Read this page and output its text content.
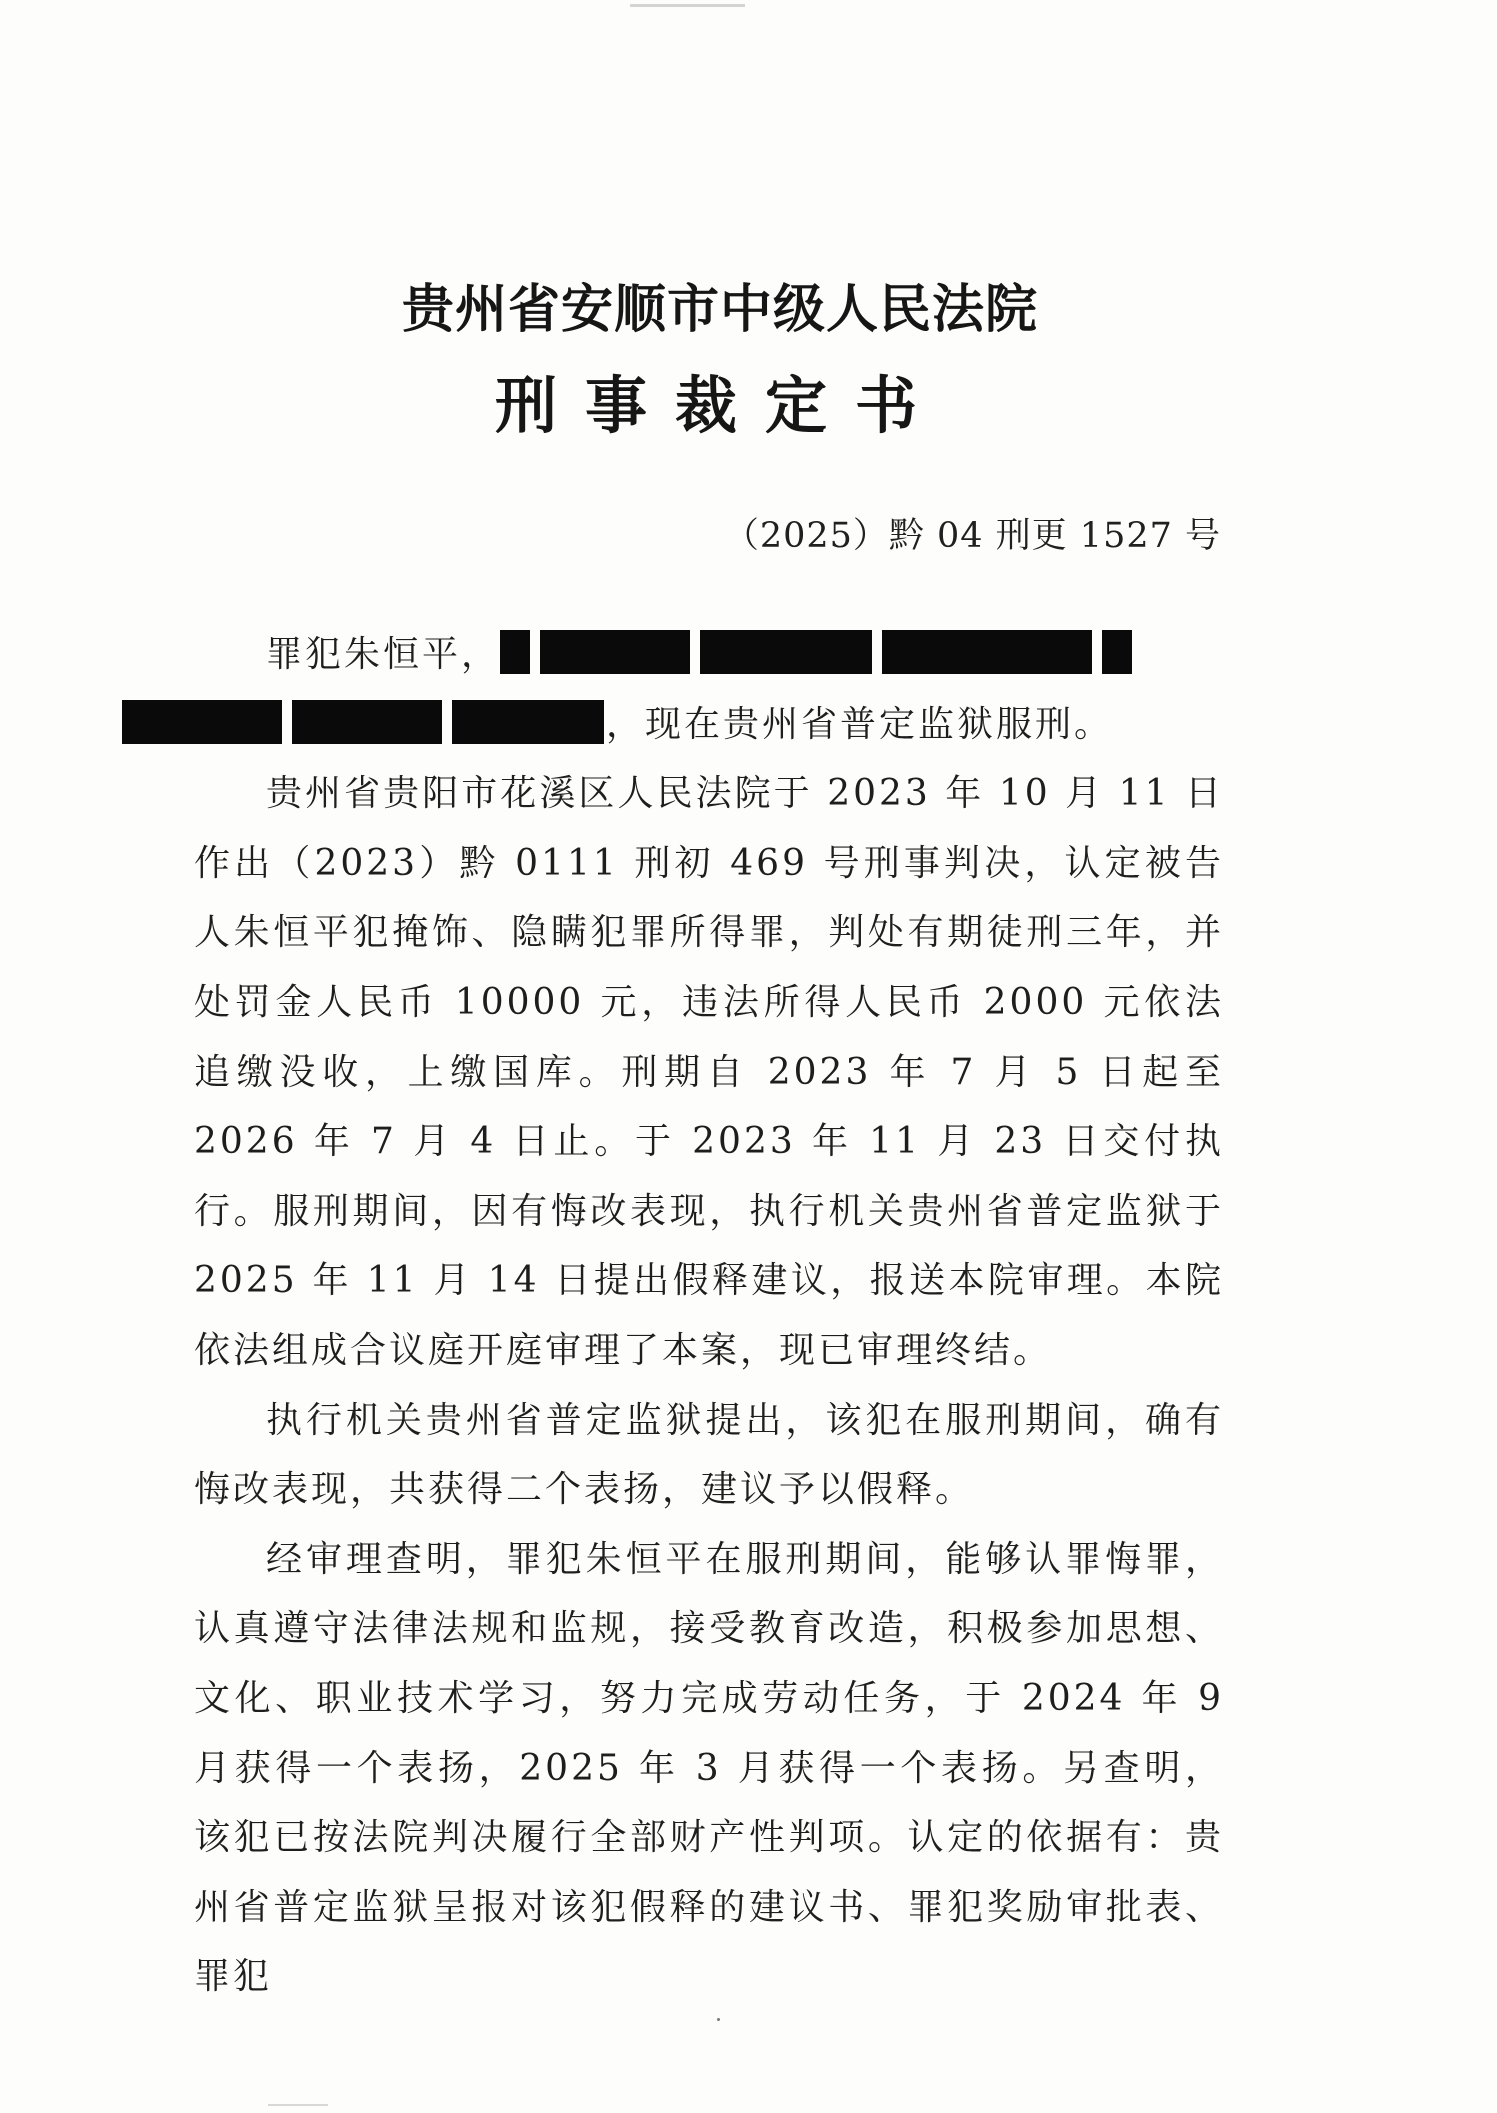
贵州省安顺市中级人民法院
刑事裁定书
（2025）黔 04 刑更 1527 号

罪犯朱恒平，
，现在贵州省普定监狱服刑。

贵州省贵阳市花溪区人民法院于 2023 年 10 月 11 日作出（2023）黔 0111 刑初 469 号刑事判决，认定被告人朱恒平犯掩饰、隐瞒犯罪所得罪，判处有期徒刑三年，并处罚金人民币 10000 元，违法所得人民币 2000 元依法追缴没收，上缴国库。刑期自 2023 年 7 月 5 日起至 2026 年 7 月 4 日止。于 2023 年 11 月 23 日交付执行。服刑期间，因有悔改表现，执行机关贵州省普定监狱于 2025 年 11 月 14 日提出假释建议，报送本院审理。本院依法组成合议庭开庭审理了本案，现已审理终结。

执行机关贵州省普定监狱提出，该犯在服刑期间，确有悔改表现，共获得二个表扬，建议予以假释。

经审理查明，罪犯朱恒平在服刑期间，能够认罪悔罪，认真遵守法律法规和监规，接受教育改造，积极参加思想、文化、职业技术学习，努力完成劳动任务，于 2024 年 9 月获得一个表扬，2025 年 3 月获得一个表扬。另查明，该犯已按法院判决履行全部财产性判项。认定的依据有：贵州省普定监狱呈报对该犯假释的建议书、罪犯奖励审批表、罪犯
